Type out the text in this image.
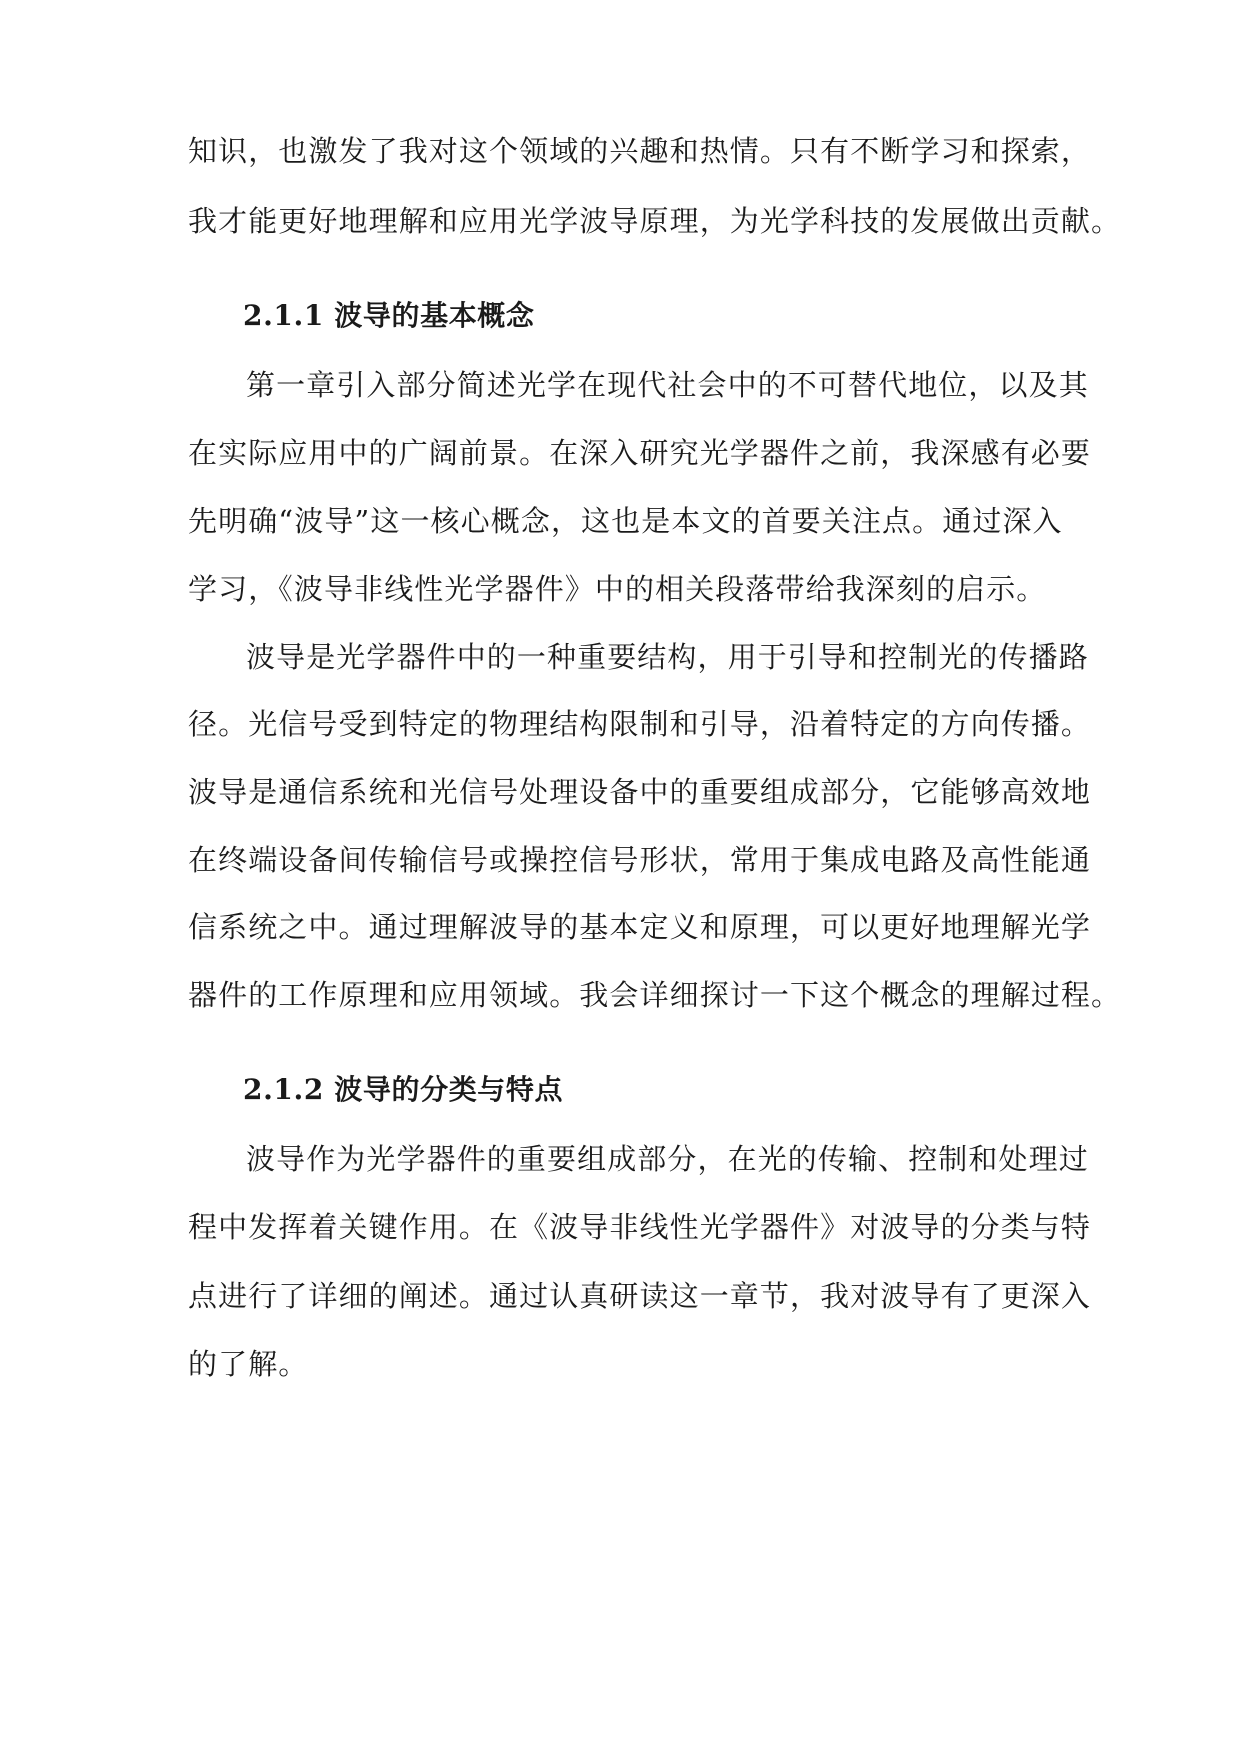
知识，也激发了我对这个领域的兴趣和热情。只有不断学习和探索，
我才能更好地理解和应用光学波导原理，为光学科技的发展做出贡献。
2.1.1 波导的基本概念
第一章引入部分简述光学在现代社会中的不可替代地位，以及其
在实际应用中的广阔前景。在深入研究光学器件之前，我深感有必要
先明确“波导”这一核心概念，这也是本文的首要关注点。通过深入
学习，《波导非线性光学器件》中的相关段落带给我深刻的启示。
波导是光学器件中的一种重要结构，用于引导和控制光的传播路
径。光信号受到特定的物理结构限制和引导，沿着特定的方向传播。
波导是通信系统和光信号处理设备中的重要组成部分，它能够高效地
在终端设备间传输信号或操控信号形状，常用于集成电路及高性能通
信系统之中。通过理解波导的基本定义和原理，可以更好地理解光学
器件的工作原理和应用领域。我会详细探讨一下这个概念的理解过程。
2.1.2 波导的分类与特点
波导作为光学器件的重要组成部分，在光的传输、控制和处理过
程中发挥着关键作用。在《波导非线性光学器件》对波导的分类与特
点进行了详细的阐述。通过认真研读这一章节，我对波导有了更深入
的了解。
